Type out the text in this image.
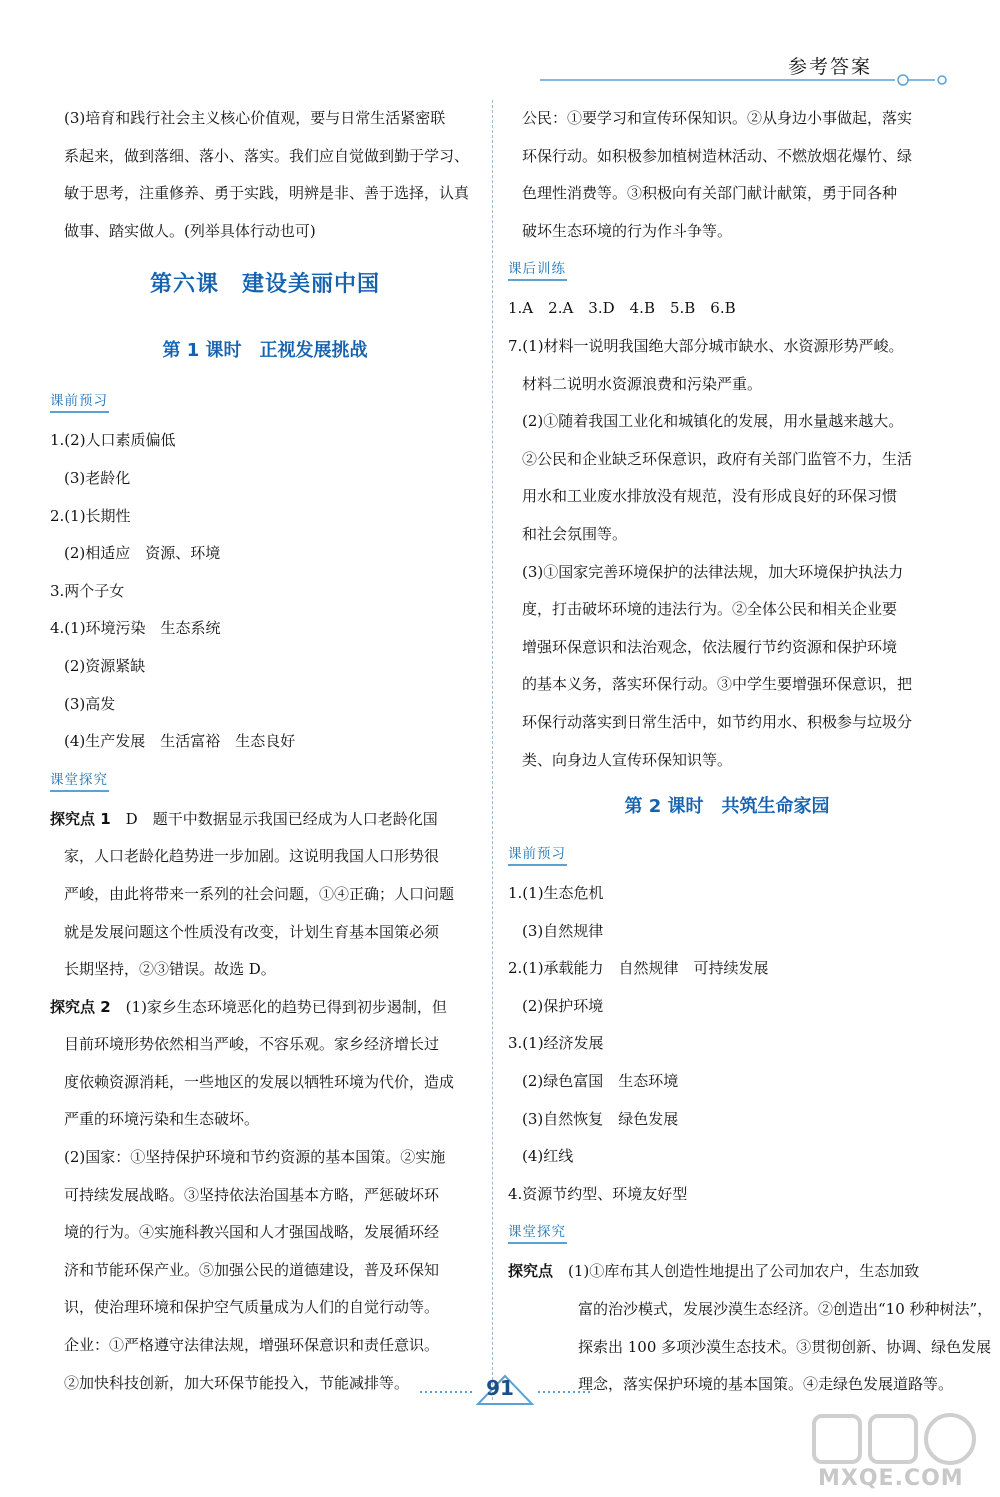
参考答案
(3)培育和践行社会主义核心价值观，要与日常生活紧密联
系起来，做到落细、落小、落实。我们应自觉做到勤于学习、
敏于思考，注重修养、勇于实践，明辨是非、善于选择，认真
做事、踏实做人。(列举具体行动也可)
第六课　建设美丽中国
第 1 课时　正视发展挑战
课前预习
1.(2)人口素质偏低
(3)老龄化
2.(1)长期性
(2)相适应　资源、环境
3.两个子女
4.(1)环境污染　生态系统
(2)资源紧缺
(3)高发
(4)生产发展　生活富裕　生态良好
课堂探究
探究点 1　D　题干中数据显示我国已经成为人口老龄化国
家，人口老龄化趋势进一步加剧。这说明我国人口形势很
严峻，由此将带来一系列的社会问题，①④正确；人口问题
就是发展问题这个性质没有改变，计划生育基本国策必须
长期坚持，②③错误。故选 D。
探究点 2　(1)家乡生态环境恶化的趋势已得到初步遏制，但
目前环境形势依然相当严峻，不容乐观。家乡经济增长过
度依赖资源消耗，一些地区的发展以牺牲环境为代价，造成
严重的环境污染和生态破坏。
(2)国家：①坚持保护环境和节约资源的基本国策。②实施
可持续发展战略。③坚持依法治国基本方略，严惩破坏环
境的行为。④实施科教兴国和人才强国战略，发展循环经
济和节能环保产业。⑤加强公民的道德建设，普及环保知
识，使治理环境和保护空气质量成为人们的自觉行动等。
企业：①严格遵守法律法规，增强环保意识和责任意识。
②加快科技创新，加大环保节能投入，节能减排等。
公民：①要学习和宣传环保知识。②从身边小事做起，落实
环保行动。如积极参加植树造林活动、不燃放烟花爆竹、绿
色理性消费等。③积极向有关部门献计献策，勇于同各种
破坏生态环境的行为作斗争等。
课后训练
1.A　2.A　3.D　4.B　5.B　6.B
7.(1)材料一说明我国绝大部分城市缺水、水资源形势严峻。
材料二说明水资源浪费和污染严重。
(2)①随着我国工业化和城镇化的发展，用水量越来越大。
②公民和企业缺乏环保意识，政府有关部门监管不力，生活
用水和工业废水排放没有规范，没有形成良好的环保习惯
和社会氛围等。
(3)①国家完善环境保护的法律法规，加大环境保护执法力
度，打击破坏环境的违法行为。②全体公民和相关企业要
增强环保意识和法治观念，依法履行节约资源和保护环境
的基本义务，落实环保行动。③中学生要增强环保意识，把
环保行动落实到日常生活中，如节约用水、积极参与垃圾分
类、向身边人宣传环保知识等。
第 2 课时　共筑生命家园
课前预习
1.(1)生态危机
(3)自然规律
2.(1)承载能力　自然规律　可持续发展
(2)保护环境
3.(1)经济发展
(2)绿色富国　生态环境
(3)自然恢复　绿色发展
(4)红线
4.资源节约型、环境友好型
课堂探究
探究点　(1)①库布其人创造性地提出了公司加农户，生态加致
富的治沙模式，发展沙漠生态经济。②创造出“10 秒种树法”，
探索出 100 多项沙漠生态技术。③贯彻创新、协调、绿色发展
理念，落实保护环境的基本国策。④走绿色发展道路等。
91
MXQE.COM
